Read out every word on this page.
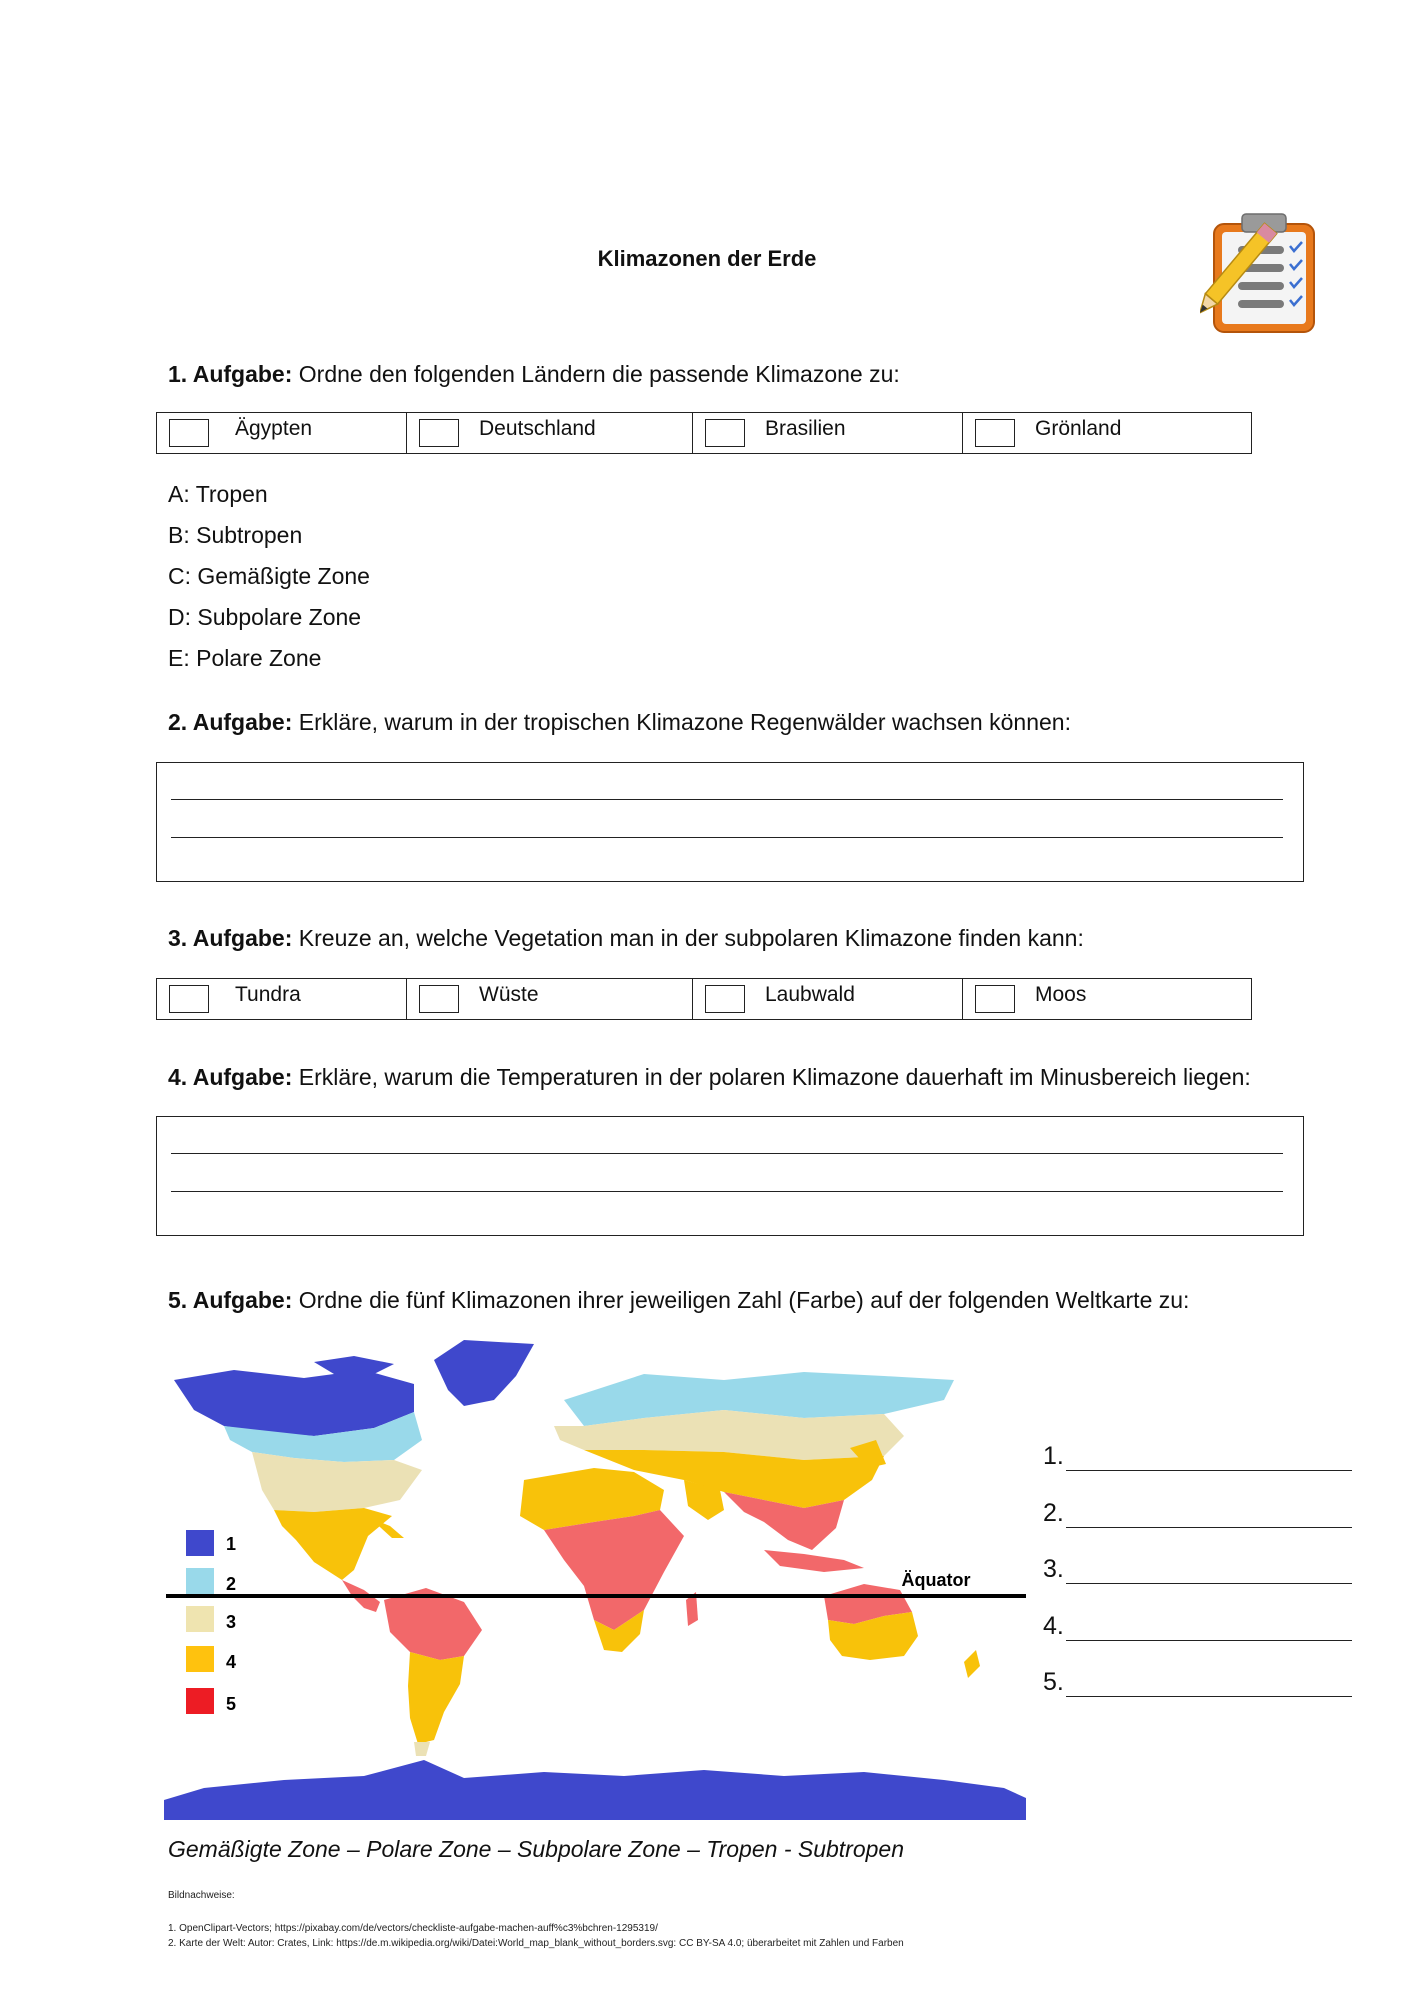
Klimazonen der Erde
1. Aufgabe: Ordne den folgenden Ländern die passende Klimazone zu:
Ägypten	Deutschland	Brasilien	Grönland
A: Tropen
B: Subtropen
C: Gemäßigte Zone
D: Subpolare Zone
E: Polare Zone
2. Aufgabe: Erkläre, warum in der tropischen Klimazone Regenwälder wachsen können:
3. Aufgabe: Kreuze an, welche Vegetation man in der subpolaren Klimazone finden kann:
Tundra	Wüste	Laubwald	Moos
4. Aufgabe: Erkläre, warum die Temperaturen in der polaren Klimazone dauerhaft im Minusbereich liegen:
5. Aufgabe: Ordne die fünf Klimazonen ihrer jeweiligen Zahl (Farbe) auf der folgenden Weltkarte zu:
1
2
3
4
5
Äquator
1.
2.
3.
4.
5.
Gemäßigte Zone – Polare Zone – Subpolare Zone – Tropen - Subtropen
Bildnachweise:
1. OpenClipart-Vectors; https://pixabay.com/de/vectors/checkliste-aufgabe-machen-auff%c3%bchren-1295319/
2. Karte der Welt: Autor: Crates, Link: https://de.m.wikipedia.org/wiki/Datei:World_map_blank_without_borders.svg: CC BY-SA 4.0; überarbeitet mit Zahlen und Farben
